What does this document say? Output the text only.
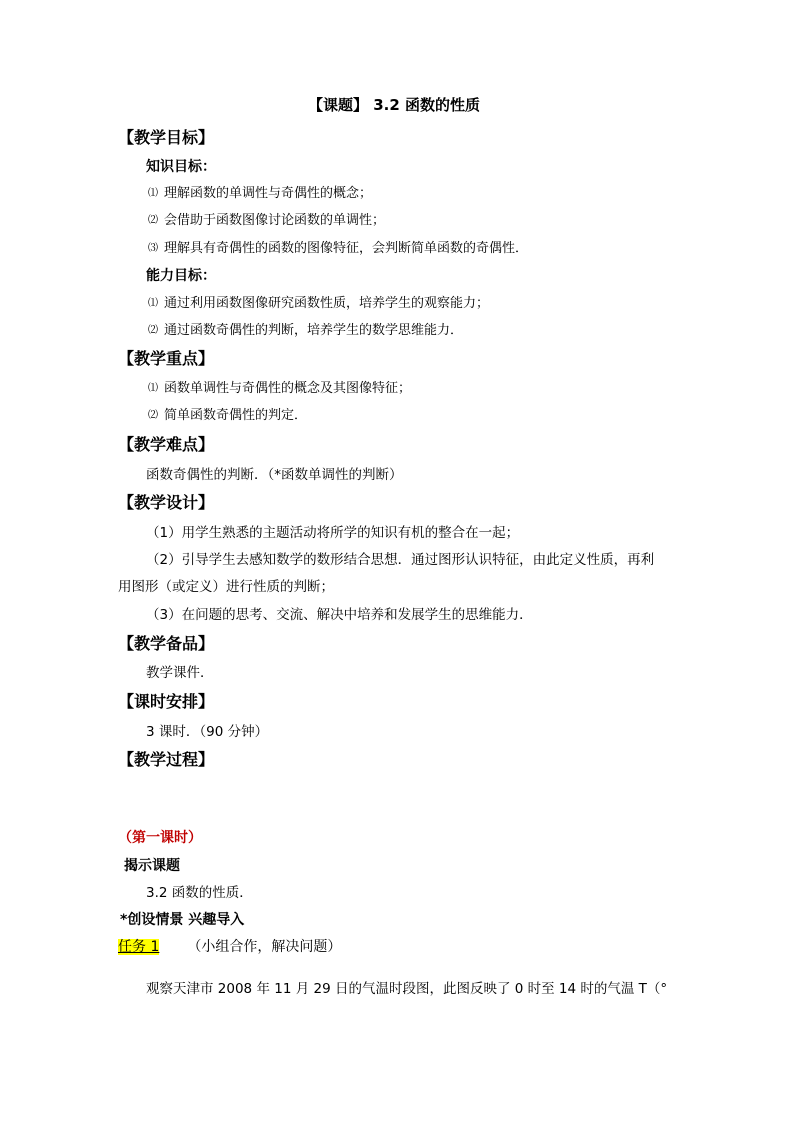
【课题】 3.2 函数的性质
【教学目标】
知识目标：
⑴ 理解函数的单调性与奇偶性的概念；
⑵ 会借助于函数图像讨论函数的单调性；
⑶ 理解具有奇偶性的函数的图像特征，会判断简单函数的奇偶性．
能力目标：
⑴ 通过利用函数图像研究函数性质，培养学生的观察能力；
⑵ 通过函数奇偶性的判断，培养学生的数学思维能力．
【教学重点】
⑴ 函数单调性与奇偶性的概念及其图像特征；
⑵ 简单函数奇偶性的判定．
【教学难点】
函数奇偶性的判断．（*函数单调性的判断）
【教学设计】
（1）用学生熟悉的主题活动将所学的知识有机的整合在一起；
（2）引导学生去感知数学的数形结合思想．通过图形认识特征，由此定义性质，再利
用图形（或定义）进行性质的判断；
（3）在问题的思考、交流、解决中培养和发展学生的思维能力．
【教学备品】
教学课件．
【课时安排】
3 课时．（90 分钟）
【教学过程】
（第一课时）
揭示课题
3.2 函数的性质．
*创设情景 兴趣导入
任务 1 （小组合作，解决问题）
观察天津市 2008 年 11 月 29 日的气温时段图，此图反映了 0 时至 14 时的气温 T（°
